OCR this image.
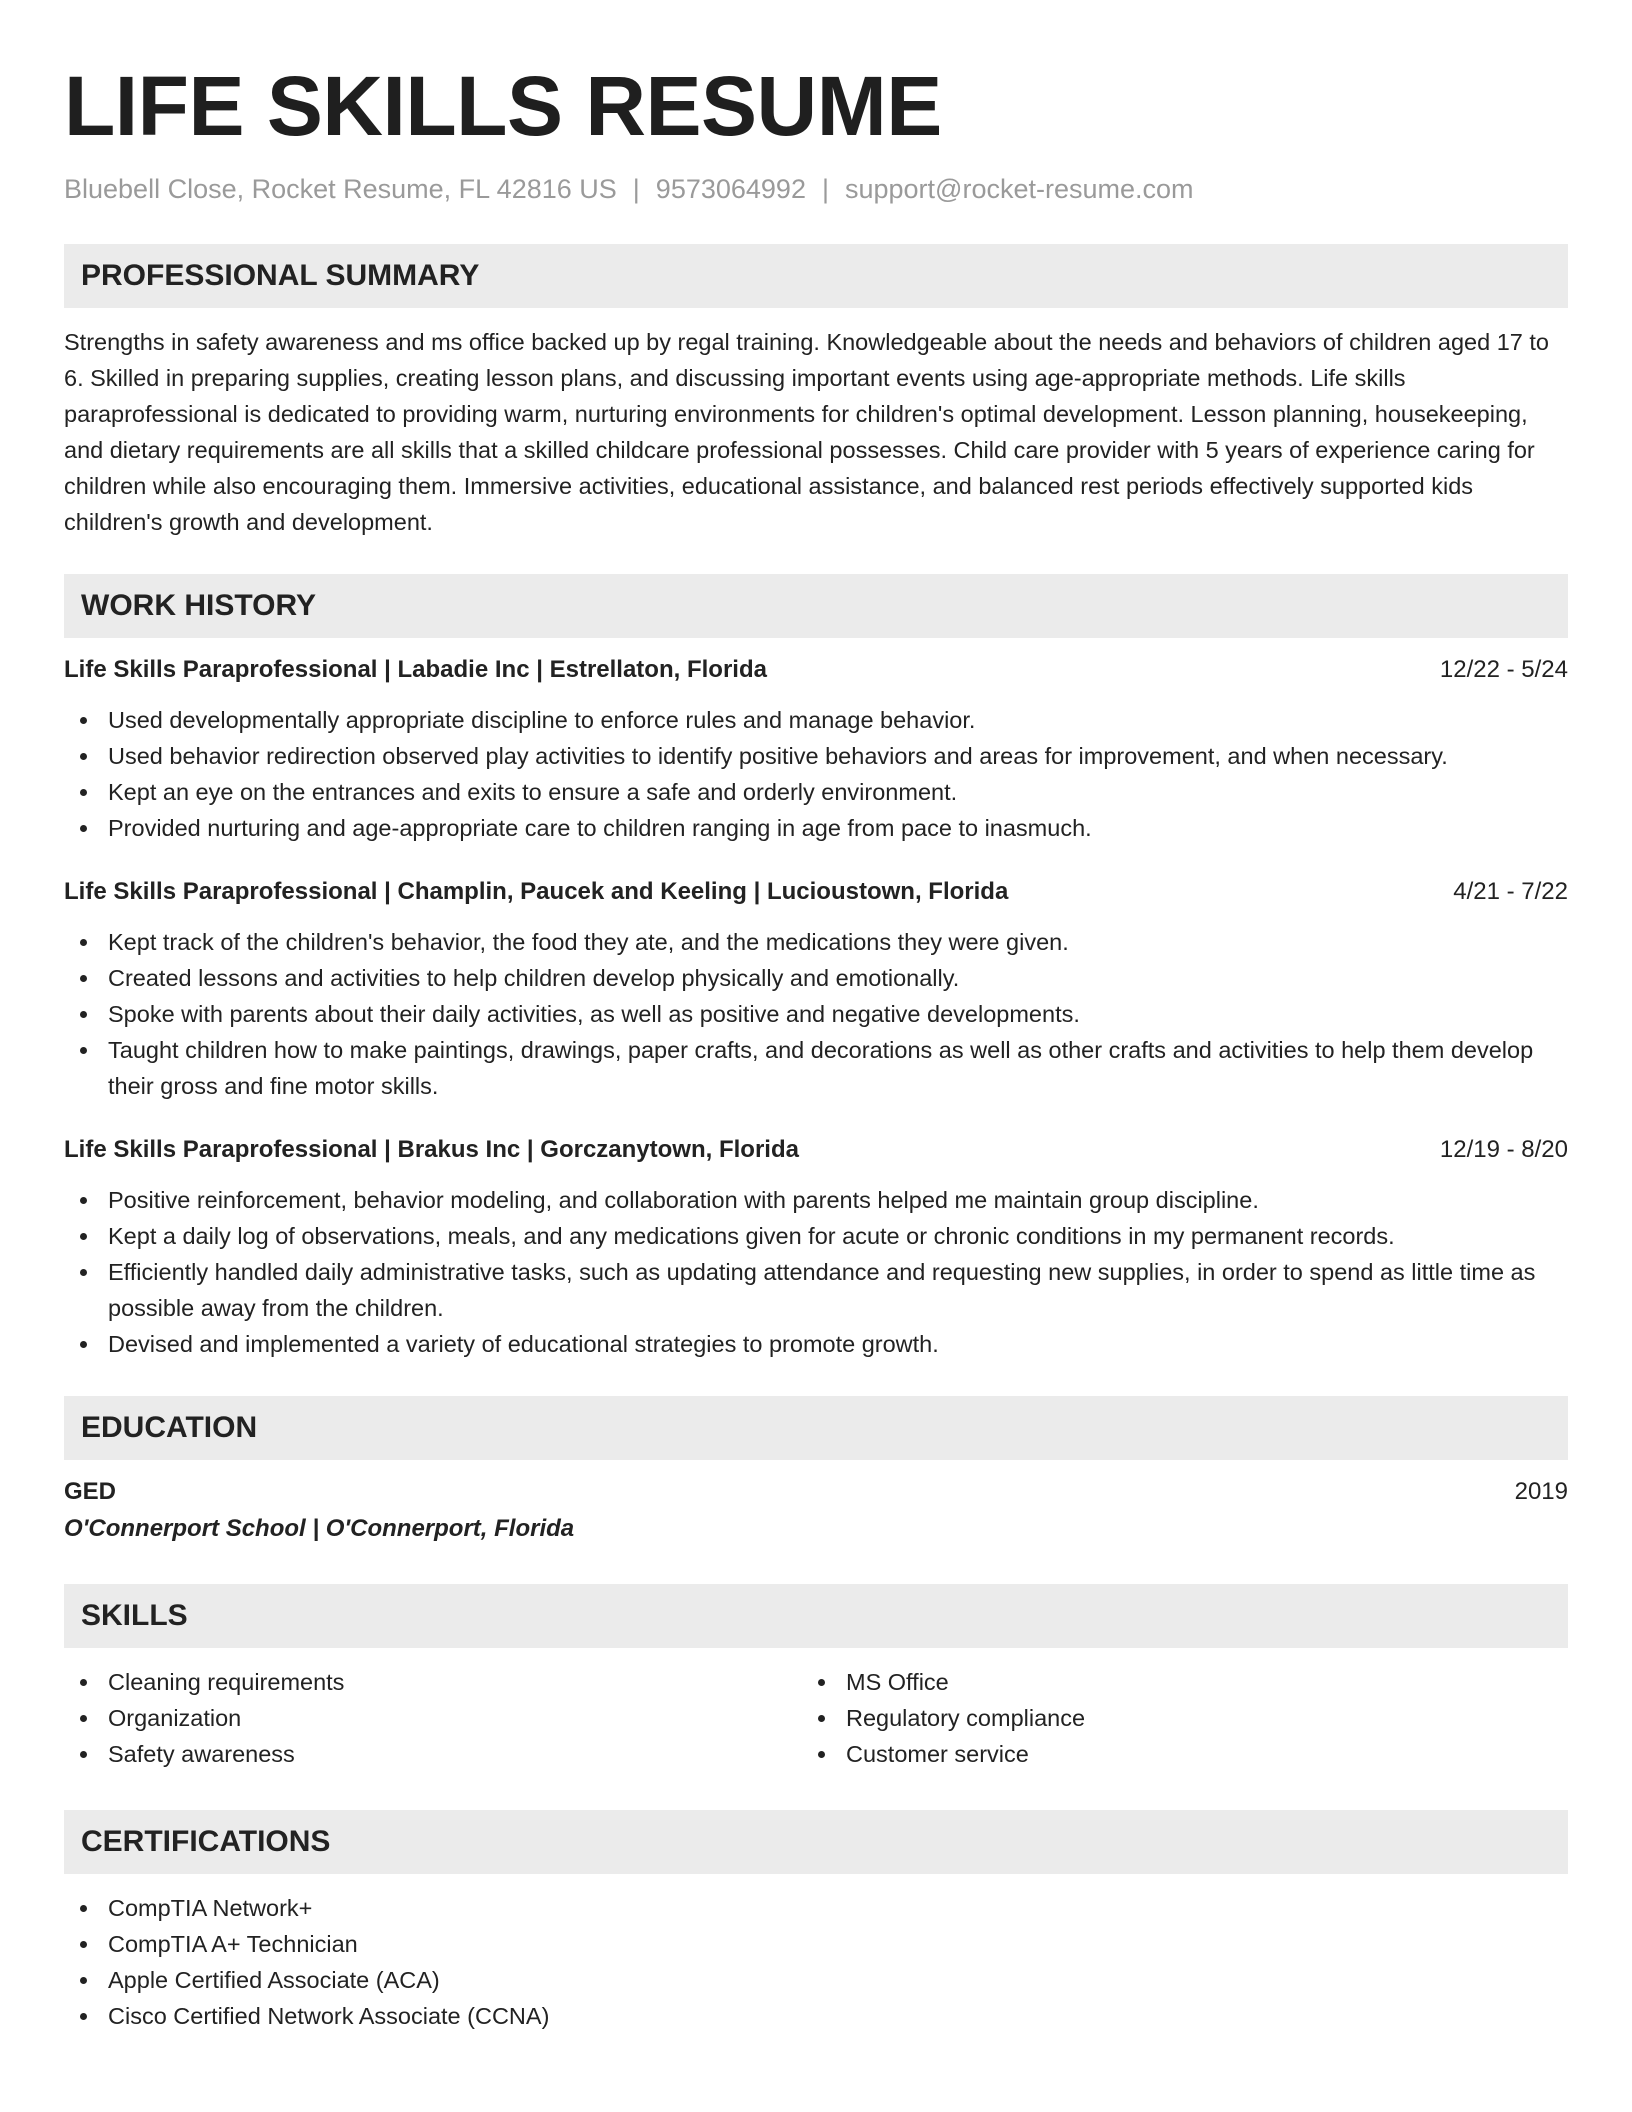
LIFE SKILLS RESUME
Bluebell Close, Rocket Resume, FL 42816 US | 9573064992 | support@rocket-resume.com
PROFESSIONAL SUMMARY

Strengths in safety awareness and ms office backed up by regal training. Knowledgeable about the needs and behaviors of children aged 17 to 6. Skilled in preparing supplies, creating lesson plans, and discussing important events using age-appropriate methods. Life skills paraprofessional is dedicated to providing warm, nurturing environments for children's optimal development. Lesson planning, housekeeping, and dietary requirements are all skills that a skilled childcare professional possesses. Child care provider with 5 years of experience caring for children while also encouraging them. Immersive activities, educational assistance, and balanced rest periods effectively supported kids children's growth and development.

WORK HISTORY
Life Skills Paraprofessional | Labadie Inc | Estrellaton, Florida	12/22 - 5/24
Used developmentally appropriate discipline to enforce rules and manage behavior.
Used behavior redirection observed play activities to identify positive behaviors and areas for improvement, and when necessary.
Kept an eye on the entrances and exits to ensure a safe and orderly environment.
Provided nurturing and age-appropriate care to children ranging in age from pace to inasmuch.
Life Skills Paraprofessional | Champlin, Paucek and Keeling | Lucioustown, Florida	4/21 - 7/22
Kept track of the children's behavior, the food they ate, and the medications they were given.
Created lessons and activities to help children develop physically and emotionally.
Spoke with parents about their daily activities, as well as positive and negative developments.
Taught children how to make paintings, drawings, paper crafts, and decorations as well as other crafts and activities to help them develop their gross and fine motor skills.
Life Skills Paraprofessional | Brakus Inc | Gorczanytown, Florida	12/19 - 8/20
Positive reinforcement, behavior modeling, and collaboration with parents helped me maintain group discipline.
Kept a daily log of observations, meals, and any medications given for acute or chronic conditions in my permanent records.
Efficiently handled daily administrative tasks, such as updating attendance and requesting new supplies, in order to spend as little time as possible away from the children.
Devised and implemented a variety of educational strategies to promote growth.
EDUCATION
GED	2019
O'Connerport School | O'Connerport, Florida
SKILLS
Cleaning requirements
Organization
Safety awareness
MS Office
Regulatory compliance
Customer service
CERTIFICATIONS
CompTIA Network+
CompTIA A+ Technician
Apple Certified Associate (ACA)
Cisco Certified Network Associate (CCNA)
